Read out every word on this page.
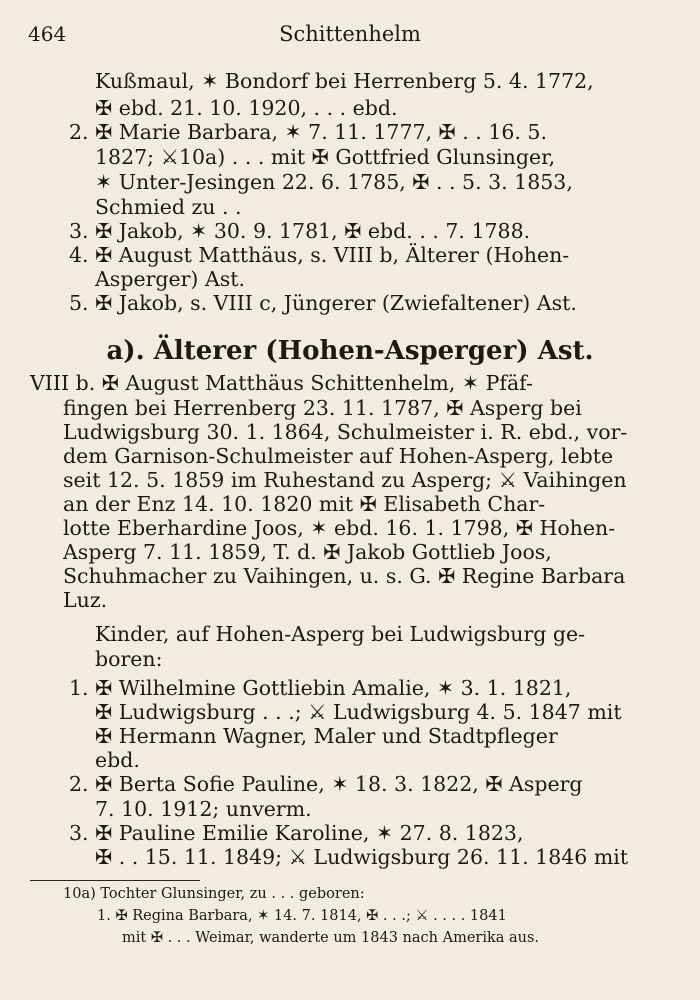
464	Schittenhelm
Kußmaul, ✶ Bondorf bei Herrenberg 5. 4. 1772,
✠ ebd. 21. 10. 1920, . . . ebd.
2. ✠ Marie Barbara, ✶ 7. 11. 1777, ✠ . . 16. 5.
1827; ⚔10a) . . . mit ✠ Gottfried Glunsinger,
✶ Unter-Jesingen 22. 6. 1785, ✠ . . 5. 3. 1853,
Schmied zu . .
3. ✠ Jakob, ✶ 30. 9. 1781, ✠ ebd. . . 7. 1788.
4. ✠ August Matthäus, s. VIII b, Älterer (Hohen-
Asperger) Ast.
5. ✠ Jakob, s. VIII c, Jüngerer (Zwiefaltener) Ast.
a). Älterer (Hohen-Asperger) Ast.
VIII b. ✠ August Matthäus Schittenhelm, ✶ Pfäf-
fingen bei Herrenberg 23. 11. 1787, ✠ Asperg bei
Ludwigsburg 30. 1. 1864, Schulmeister i. R. ebd., vor-
dem Garnison-Schulmeister auf Hohen-Asperg, lebte
seit 12. 5. 1859 im Ruhestand zu Asperg; ⚔ Vaihingen
an der Enz 14. 10. 1820 mit ✠ Elisabeth Char-
lotte Eberhardine Joos, ✶ ebd. 16. 1. 1798, ✠ Hohen-
Asperg 7. 11. 1859, T. d. ✠ Jakob Gottlieb Joos,
Schuhmacher zu Vaihingen, u. s. G. ✠ Regine Barbara
Luz.
Kinder, auf Hohen-Asperg bei Ludwigsburg ge-
boren:
1. ✠ Wilhelmine Gottliebin Amalie, ✶ 3. 1. 1821,
✠ Ludwigsburg . . .; ⚔ Ludwigsburg 4. 5. 1847 mit
✠ Hermann Wagner, Maler und Stadtpfleger
ebd.
2. ✠ Berta Sofie Pauline, ✶ 18. 3. 1822, ✠ Asperg
7. 10. 1912; unverm.
3. ✠ Pauline Emilie Karoline, ✶ 27. 8. 1823,
✠ . . 15. 11. 1849; ⚔ Ludwigsburg 26. 11. 1846 mit
10a) Tochter Glunsinger, zu . . . geboren:
1. ✠ Regina Barbara, ✶ 14. 7. 1814, ✠ . . .; ⚔ . . . . 1841
mit ✠ . . . Weimar, wanderte um 1843 nach Amerika aus.
